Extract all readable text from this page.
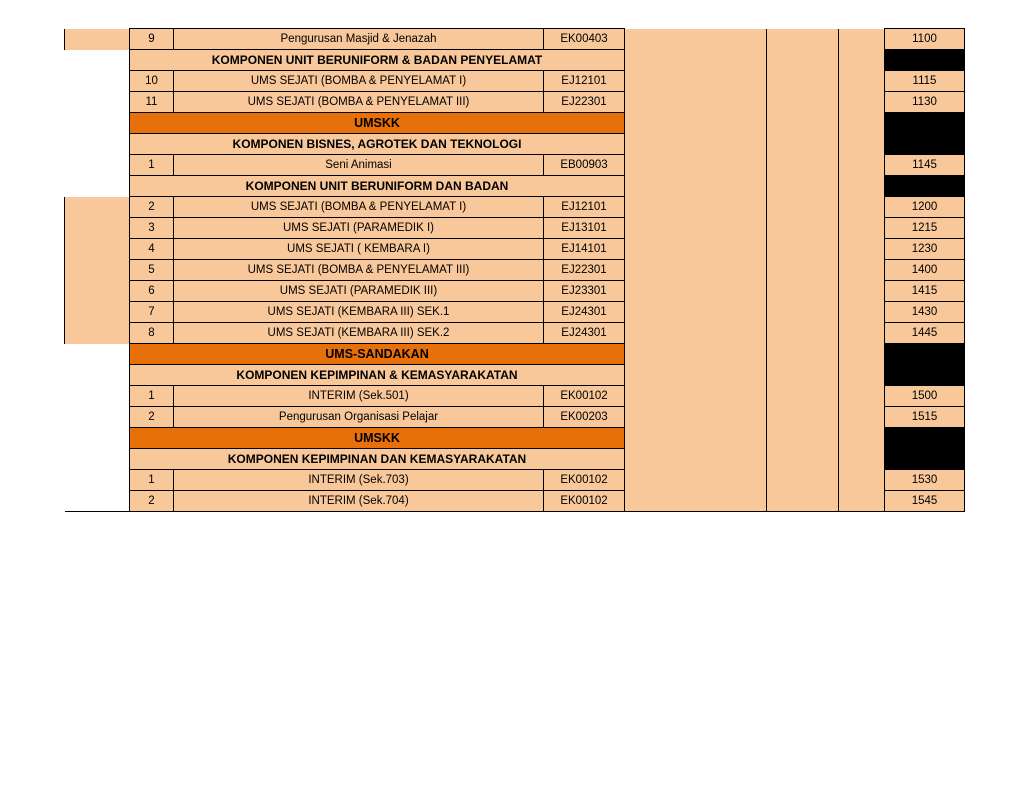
	9	Pengurusan Masjid & Jenazah	EK00403				1100
	KOMPONEN UNIT BERUNIFORM & BADAN PENYELAMAT						
	10	UMS SEJATI (BOMBA & PENYELAMAT I)	EJ12101				1115
	11	UMS SEJATI (BOMBA & PENYELAMAT III)	EJ22301				1130
	UMSKK						
	KOMPONEN BISNES, AGROTEK DAN TEKNOLOGI						
	1	Seni Animasi	EB00903				1145
	KOMPONEN UNIT BERUNIFORM DAN BADAN						
	2	UMS SEJATI (BOMBA & PENYELAMAT I)	EJ12101				1200
	3	UMS SEJATI (PARAMEDIK I)	EJ13101				1215
	4	UMS SEJATI ( KEMBARA I)	EJ14101				1230
	5	UMS SEJATI (BOMBA & PENYELAMAT III)	EJ22301				1400
	6	UMS SEJATI (PARAMEDIK III)	EJ23301				1415
	7	UMS SEJATI (KEMBARA III) SEK.1	EJ24301				1430
	8	UMS SEJATI (KEMBARA III) SEK.2	EJ24301				1445
	UMS-SANDAKAN						
	KOMPONEN KEPIMPINAN & KEMASYARAKATAN						
	1	INTERIM (Sek.501)	EK00102				1500
	2	Pengurusan Organisasi Pelajar	EK00203				1515
	UMSKK						
	KOMPONEN KEPIMPINAN DAN KEMASYARAKATAN						
	1	INTERIM (Sek.703)	EK00102				1530
	2	INTERIM (Sek.704)	EK00102				1545
